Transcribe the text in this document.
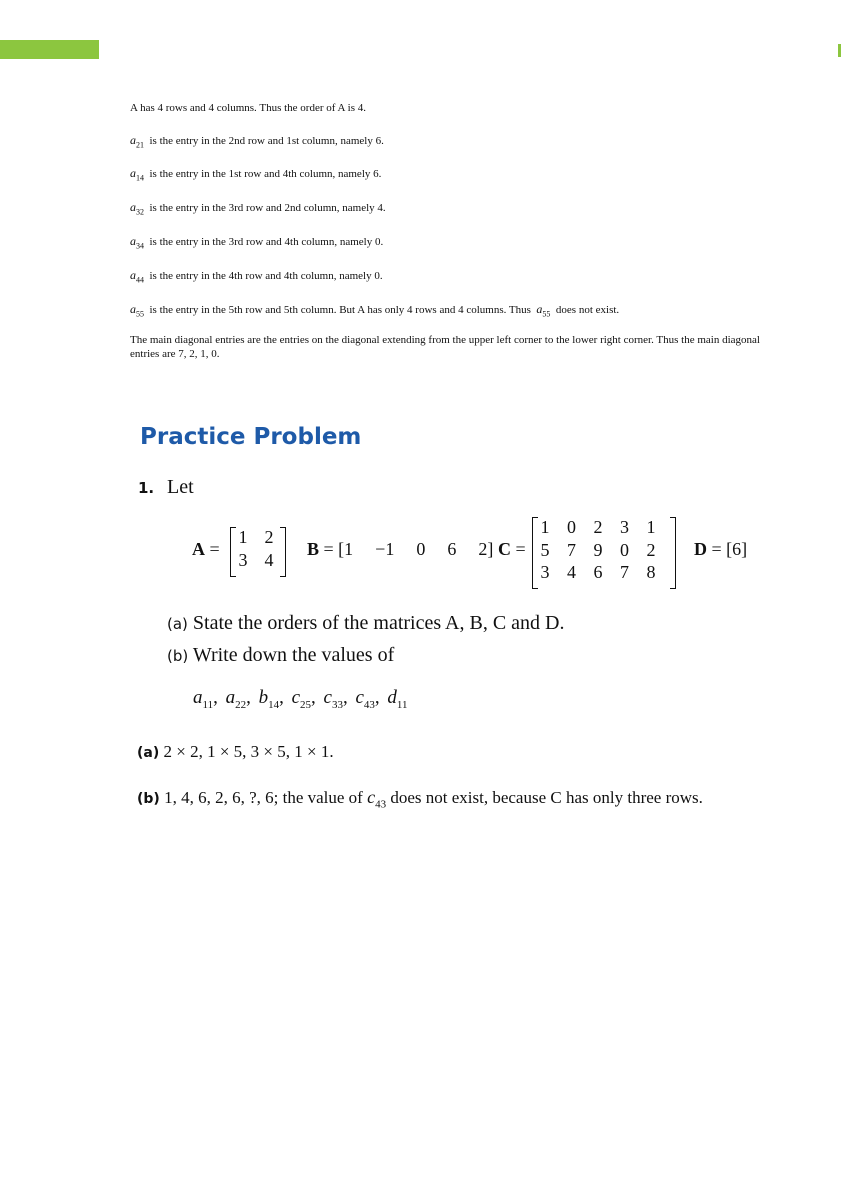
A has 4 rows and 4 columns. Thus the order of A is 4.
$a_{21}$ is the entry in the 2nd row and 1st column, namely 6.
$a_{14}$ is the entry in the 1st row and 4th column, namely 6.
$a_{32}$ is the entry in the 3rd row and 2nd column, namely 4.
$a_{34}$ is the entry in the 3rd row and 4th column, namely 0.
$a_{44}$ is the entry in the 4th row and 4th column, namely 0.
$a_{55}$ is the entry in the 5th row and 5th column. But A has only 4 rows and 4 columns. Thus $a_{55}$ does not exist.
The main diagonal entries are the entries on the diagonal extending from the upper left corner to the lower right corner. Thus the main diagonal entries are 7, 2, 1, 0.
Practice Problem
1. Let
A =
1 2
3 4
B = [1 −1 0 6 2] C =
1 0 2 3 1
5 7 9 0 2
3 4 6 7 8
D = [6]
(a) State the orders of the matrices A, B, C and D.
(b) Write down the values of
$a_{11}$, $a_{22}$, $b_{14}$, $c_{25}$, $c_{33}$, $c_{43}$, $d_{11}$
(a) 2 × 2, 1 × 5, 3 × 5, 1 × 1.
(b) 1, 4, 6, 2, 6, ?, 6; the value of $c_{43}$ does not exist, because C has only three rows.
